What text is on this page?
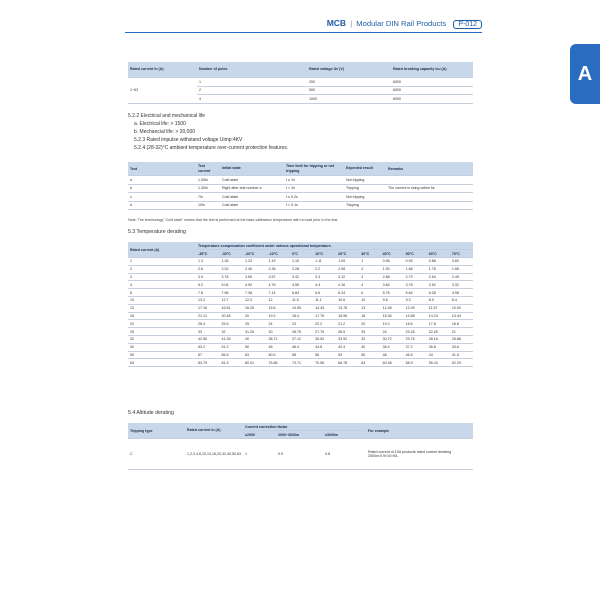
MCB | Modular DIN Rail Products P-012
A
Rated current In (A)	Number of poles	Rated voltage Ue (V)	Rated breaking capacity Icu (A)
1~63	1	250	6000
	2	500	6000
	4	1000	6000
5.2.2 Electrical and mechanical life
a. Electrical life: > 1500
b. Mechancial life: > 20,000
5.2.3 Rated impulse withstand voltage Uimp:4KV
5.2.4 (28-32)°C ambient temperature over-current protection features.
Test	Test current	Initial state	Time limit for tripping or not tripping	Expected result	Remarks
a	1.05In	Cold state	t ≤ 1h	Not tripping	
b	1.30In	Right after test number a	t < 1h	Tripping	The current is rising within 5s
c	7In	Cold state	t ≤ 0.2s	Not tripping	
d	10In	Cold state	t < 0.1s	Tripping	
Note: The terminology" Cold state" means that the test is performed at the base calibration temperature with no load prior to the test.
5.3 Temperature derating
Rated current (A)	Temperature compensation coefficient under various operational temperature.											
	-35°C	-30°C	-20°C	-10°C	0°C	10°C	20°C	30°C	40°C	50°C	60°C	70°C
1	1.3	1.26	1.23	1.19	1.15	1.11	1.05	1	0.96	0.93	0.88	0.83
2	2.6	2.52	2.46	2.38	2.28	2.2	2.08	2	1.92	1.86	1.76	1.66
3	3.9	3.78	3.69	3.57	3.42	3.3	3.12	3	2.88	2.79	2.64	2.49
4	5.2	5.04	4.92	4.76	4.56	4.4	4.16	4	3.84	3.76	3.52	3.32
6	7.8	7.56	7.38	7.14	6.84	6.6	6.24	6	5.76	5.64	5.28	4.98
10	13.2	12.7	12.3	12	11.5	11.1	10.6	10	9.6	9.3	8.9	8.4
13	17.16	16.51	16.25	15.6	14.95	14.43	13.78	13	12.48	12.09	11.57	10.92
16	21.12	20.48	20	19.2	18.4	17.76	16.96	16	15.36	14.88	14.24	13.44
20	26.4	25.6	25	24	23	22.2	21.2	20	19.2	18.6	17.8	16.8
25	33	32	31.25	30	28.75	27.75	26.5	25	24	23.25	22.25	21
32	42.56	41.28	40	38.72	37.12	35.52	33.92	32	30.72	29.76	28.16	26.88
40	53.2	51.2	50	48	46.4	44.8	42.4	40	38.4	37.2	35.6	33.6
50	67	65.5	63	60.5	58	56	53	50	48	46.5	44	41.5
63	83.79	81.9	80.01	76.86	73.71	70.56	66.78	63	60.48	58.9	55.44	52.29
5.4 Altitude derating
Tripping type	Rated current In (A)	Current correction factor			For example
		≤2000	2000~3000m	≥3000m	
C	1,2,3,4,6,10,13,16,20,32,40,50,63	1	0.9	0.8	Rated current of 10A products rated current derating 2500m:0.9×10=9A
